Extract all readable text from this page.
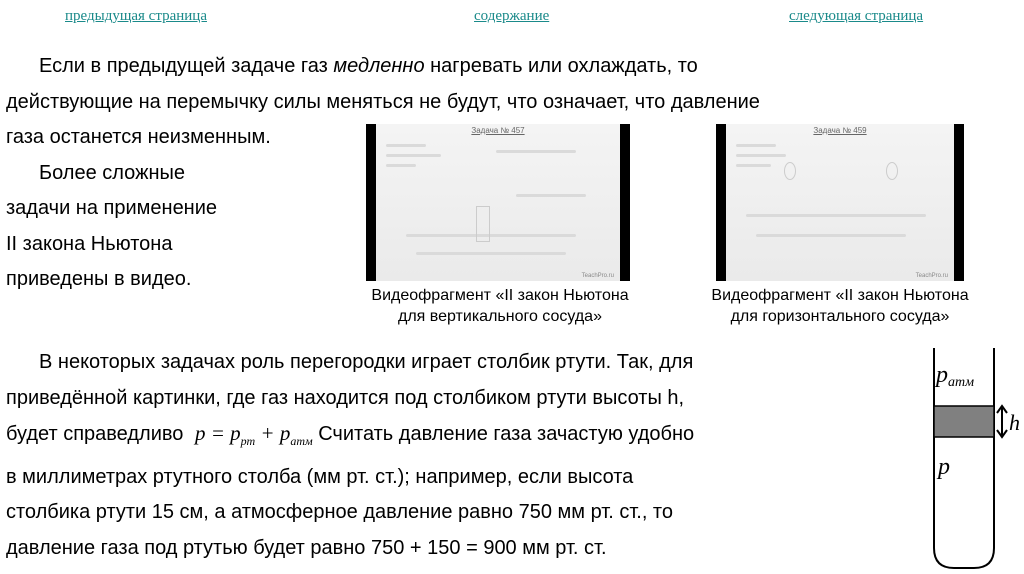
предыдущая страница	содержание	следующая страница
Если в предыдущей задаче газ медленно нагревать или охлаждать, то
действующие на перемычку силы меняться не будут, что означает, что давление
газа останется неизменным.
Более сложные
задачи на применение
II закона Ньютона
приведены в видео.
Задача № 457
TeachPro.ru
Видеофрагмент «II закон Ньютона
для вертикального сосуда»
Задача № 459
TeachPro.ru
Видеофрагмент «II закон Ньютона
для горизонтального сосуда»
В некоторых задачах роль перегородки играет столбик ртути. Так, для
приведённой картинки, где газ находится под столбиком ртути высоты h,
будет справедливо $p = p_{рт} + p_{атм}$ Считать давление газа зачастую удобно
в миллиметрах ртутного столба (мм рт. ст.); например, если высота
столбика ртути 15 см, а атмосферное давление равно 750 мм рт. ст., то
давление газа под ртутью будет равно 750 + 150 = 900 мм рт. ст.
pатм
p
h
